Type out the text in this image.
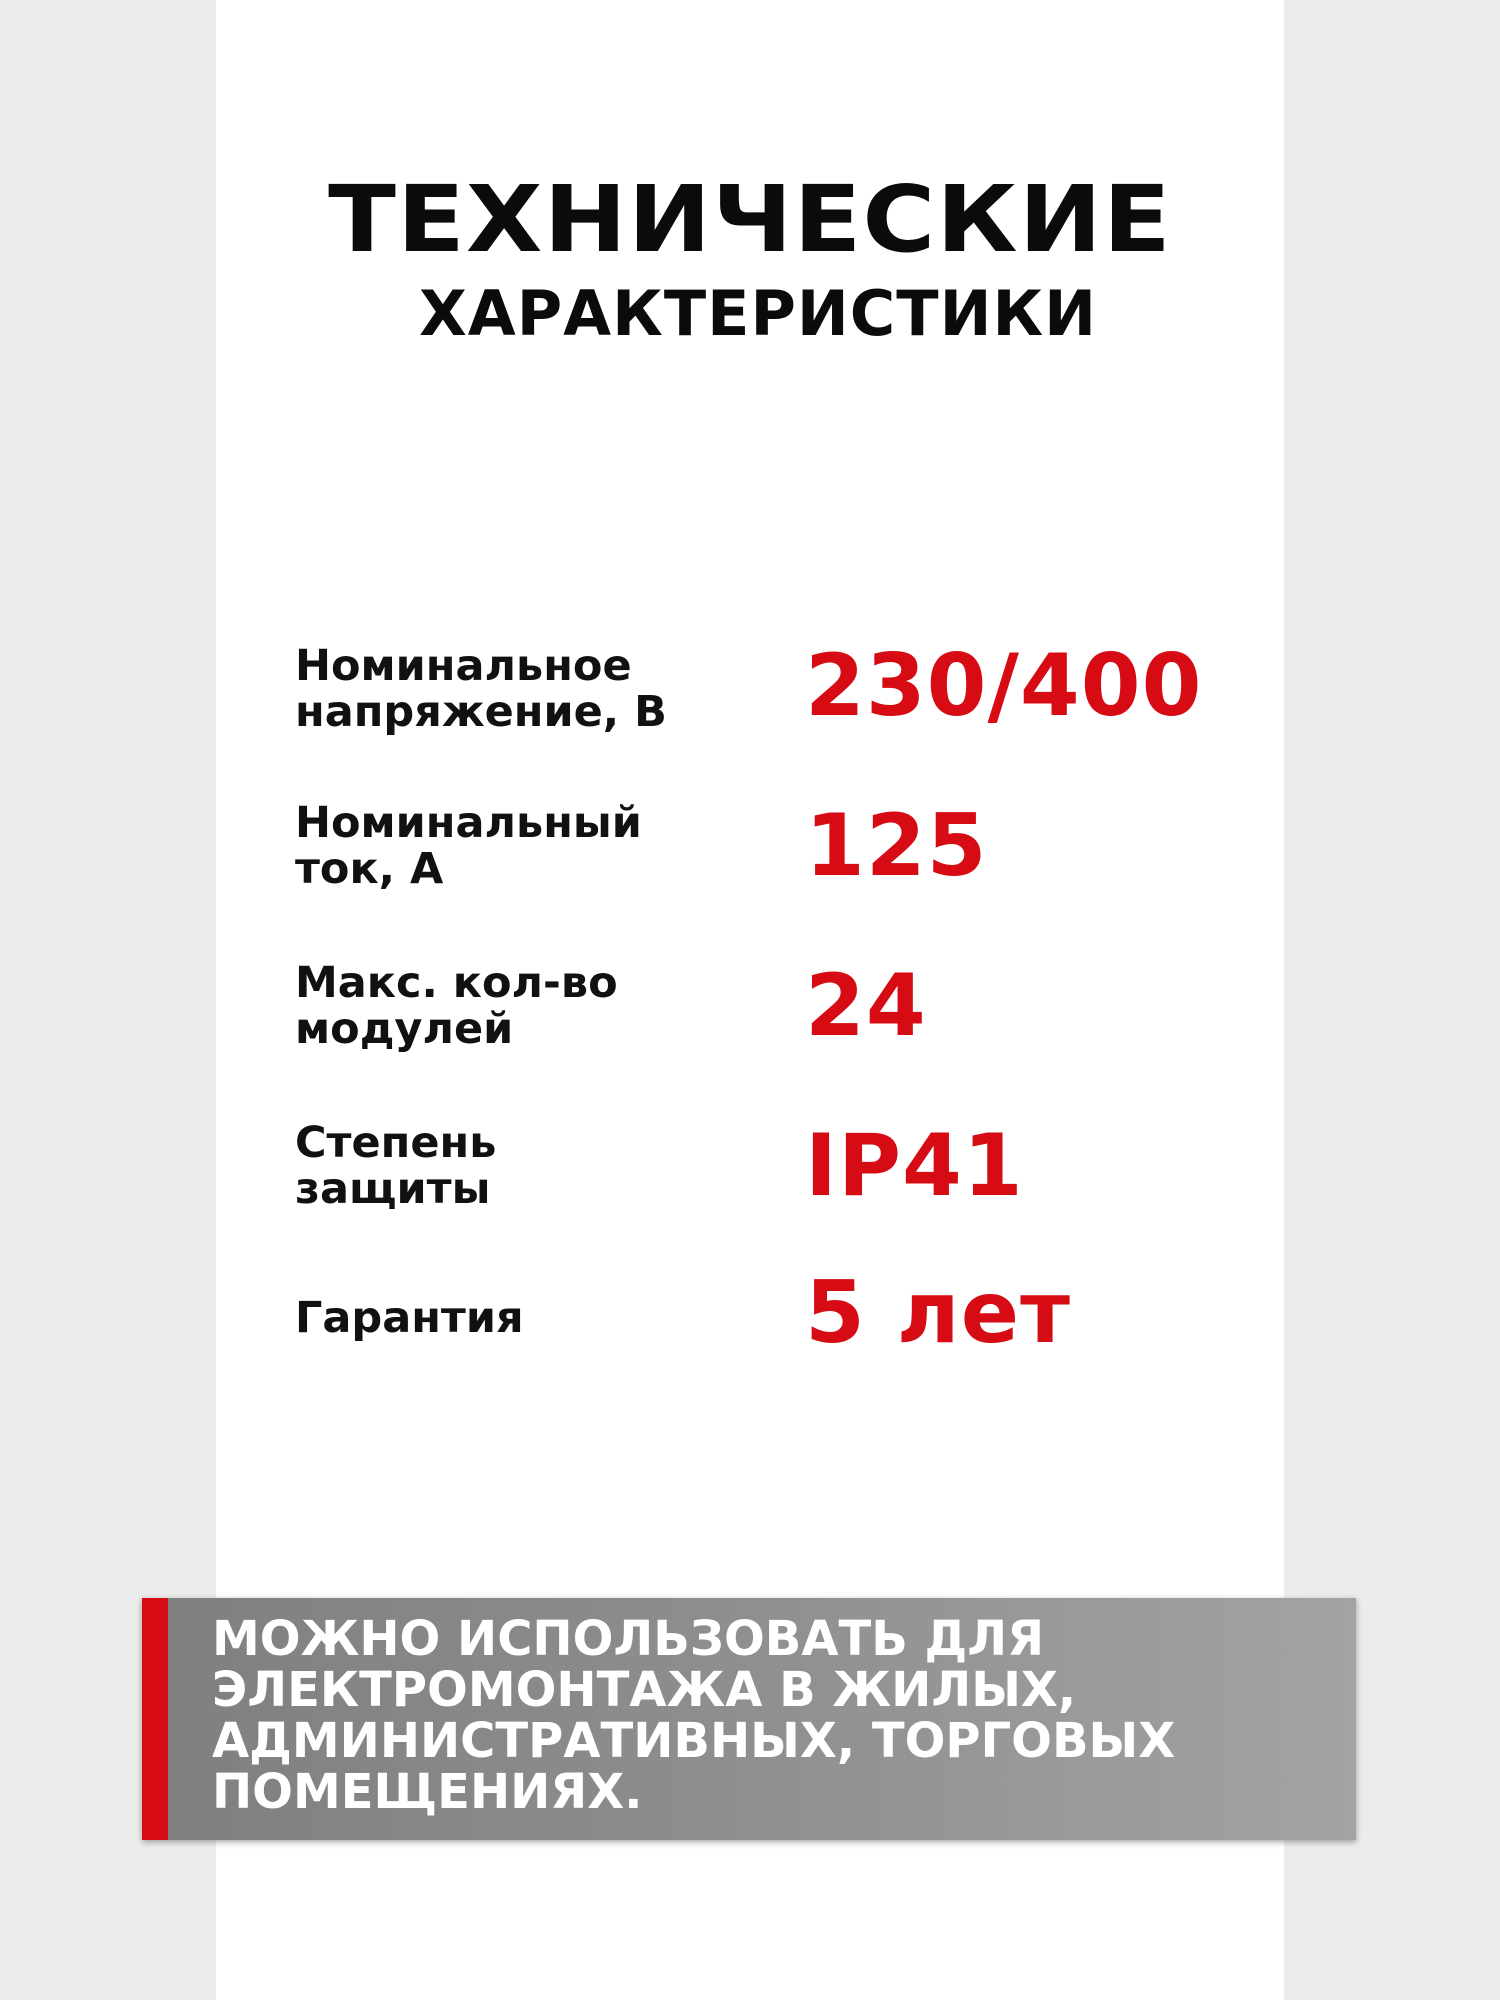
ТЕХНИЧЕСКИЕ
ХАРАКТЕРИСТИКИ
Номинальное
напряжение, В	230/400
Номинальный
ток, А	125
Макс. кол-во
модулей	24
Степень
защиты	IP41
Гарантия	5 лет
МОЖНО ИСПОЛЬЗОВАТЬ ДЛЯ
ЭЛЕКТРОМОНТАЖА В ЖИЛЫХ,
АДМИНИСТРАТИВНЫХ, ТОРГОВЫХ
ПОМЕЩЕНИЯХ.
